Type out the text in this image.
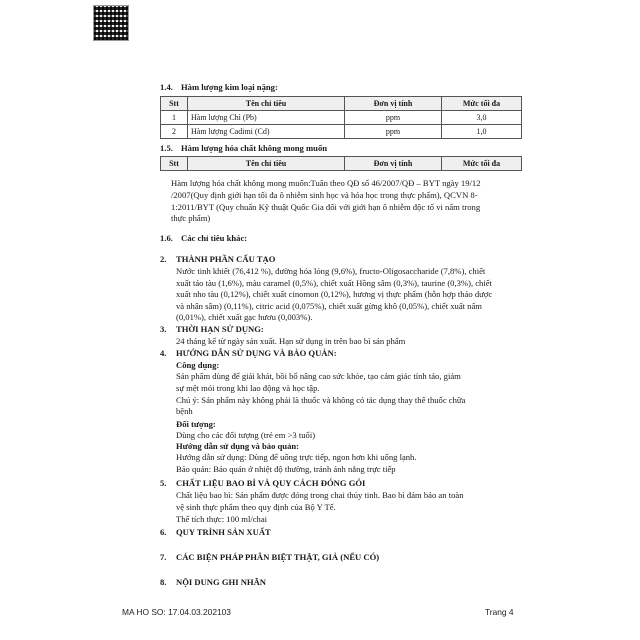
1.4. Hàm lượng kim loại nặng:
Stt	Tên chỉ tiêu	Đơn vị tính	Mức tối đa
1	Hàm lượng Chì (Pb)	ppm	3,0
2	Hàm lượng Cadimi (Cd)	ppm	1,0
1.5. Hàm lượng hóa chất không mong muốn
Stt	Tên chỉ tiêu	Đơn vị tính	Mức tối đa
Hàm lượng hóa chất không mong muốn:Tuân theo QĐ số 46/2007/QĐ – BYT ngày 19/12
/2007(Quy định giới hạn tối đa ô nhiễm sinh học và hóa học trong thực phẩm), QCVN 8-
1:2011/BYT (Quy chuẩn Kỹ thuật Quốc Gia đối với giới hạn ô nhiễm độc tố vi nấm trong
thực phẩm)
1.6. Các chỉ tiêu khác:
2. THÀNH PHẦN CẤU TẠO
Nước tinh khiết (76,412 %), đường hóa lỏng (9,6%), fructo-Oligosaccharide (7,8%), chiết
xuất táo tàu (1,6%), màu caramel (0,5%), chiết xuất Hồng sâm (0,3%), taurine (0,3%), chiết
xuất nho tàu (0,12%), chiết xuất cinomon (0,12%), hương vị thực phẩm (hỗn hợp thảo dược
và nhân sâm) (0,11%), citric acid (0,075%), chiết xuất gừng khô (0,05%), chiết xuất nấm
(0,01%), chiết xuất gạc hươu (0,003%).
3. THỜI HẠN SỬ DỤNG:
24 tháng kể từ ngày sản xuất. Hạn sử dụng in trên bao bì sản phẩm
4. HƯỚNG DẪN SỬ DỤNG VÀ BẢO QUẢN:
Công dụng:
Sản phẩm dùng để giải khát, bồi bổ nâng cao sức khỏe, tạo cảm giác tỉnh táo, giảm
sự mệt mỏi trong khi lao động và học tập.
Chú ý: Sản phẩm này không phải là thuốc và không có tác dụng thay thế thuốc chữa
bệnh
Đối tượng:
Dùng cho các đối tượng (trẻ em >3 tuổi)
Hướng dẫn sử dụng và bảo quản:
Hướng dẫn sử dụng: Dùng để uống trực tiếp, ngon hơn khi uống lạnh.
Bảo quản: Bảo quản ở nhiệt độ thường, tránh ánh nắng trực tiếp
5. CHẤT LIỆU BAO BÌ VÀ QUY CÁCH ĐÓNG GÓI
Chất liệu bao bì: Sản phẩm được đóng trong chai thủy tinh. Bao bì đảm bảo an toàn
vệ sinh thực phẩm theo quy định của Bộ Y Tế.
Thể tích thực: 100 ml/chai
6. QUY TRÌNH SẢN XUẤT
7. CÁC BIỆN PHÁP PHÂN BIỆT THẬT, GIẢ (NẾU CÓ)
8. NỘI DUNG GHI NHÃN
MA HO SO: 17.04.03.202103	Trang 4
